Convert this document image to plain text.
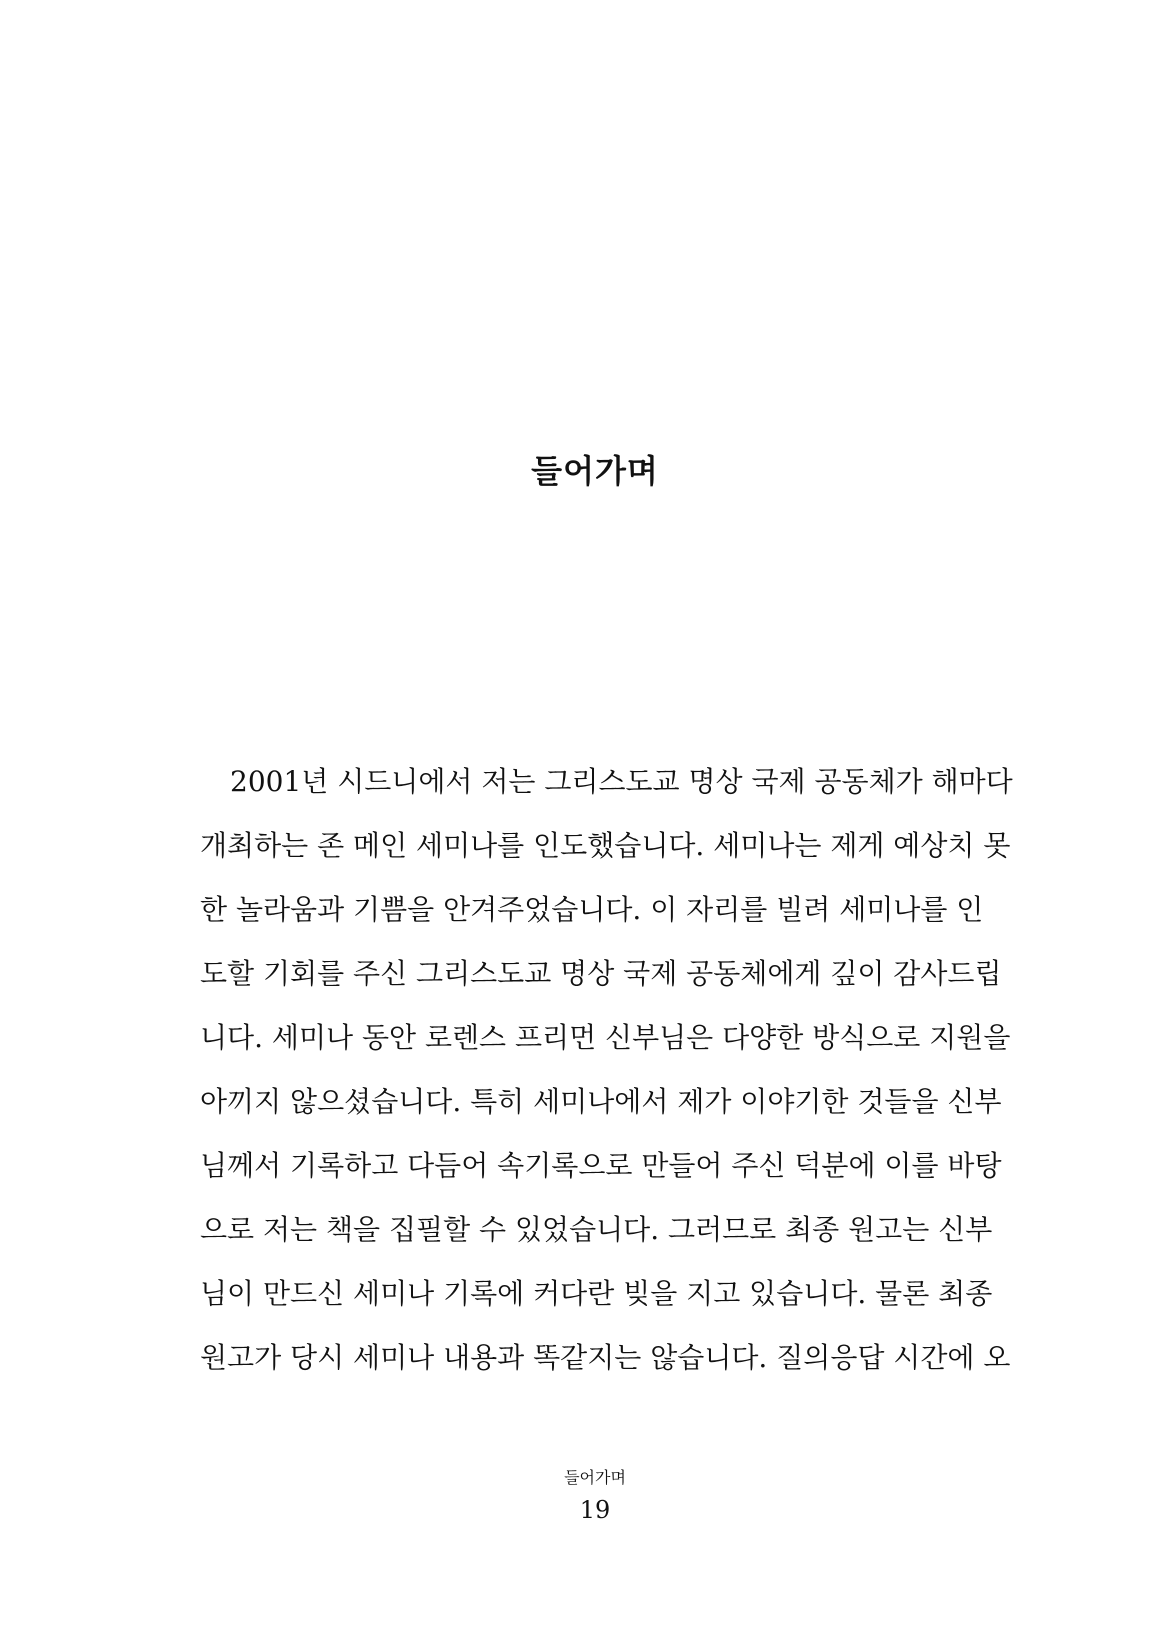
들어가며
2001년 시드니에서 저는 그리스도교 명상 국제 공동체가 해마다
개최하는 존 메인 세미나를 인도했습니다. 세미나는 제게 예상치 못
한 놀라움과 기쁨을 안겨주었습니다. 이 자리를 빌려 세미나를 인
도할 기회를 주신 그리스도교 명상 국제 공동체에게 깊이 감사드립
니다. 세미나 동안 로렌스 프리먼 신부님은 다양한 방식으로 지원을
아끼지 않으셨습니다. 특히 세미나에서 제가 이야기한 것들을 신부
님께서 기록하고 다듬어 속기록으로 만들어 주신 덕분에 이를 바탕
으로 저는 책을 집필할 수 있었습니다. 그러므로 최종 원고는 신부
님이 만드신 세미나 기록에 커다란 빚을 지고 있습니다. 물론 최종
원고가 당시 세미나 내용과 똑같지는 않습니다. 질의응답 시간에 오
들어가며
19
